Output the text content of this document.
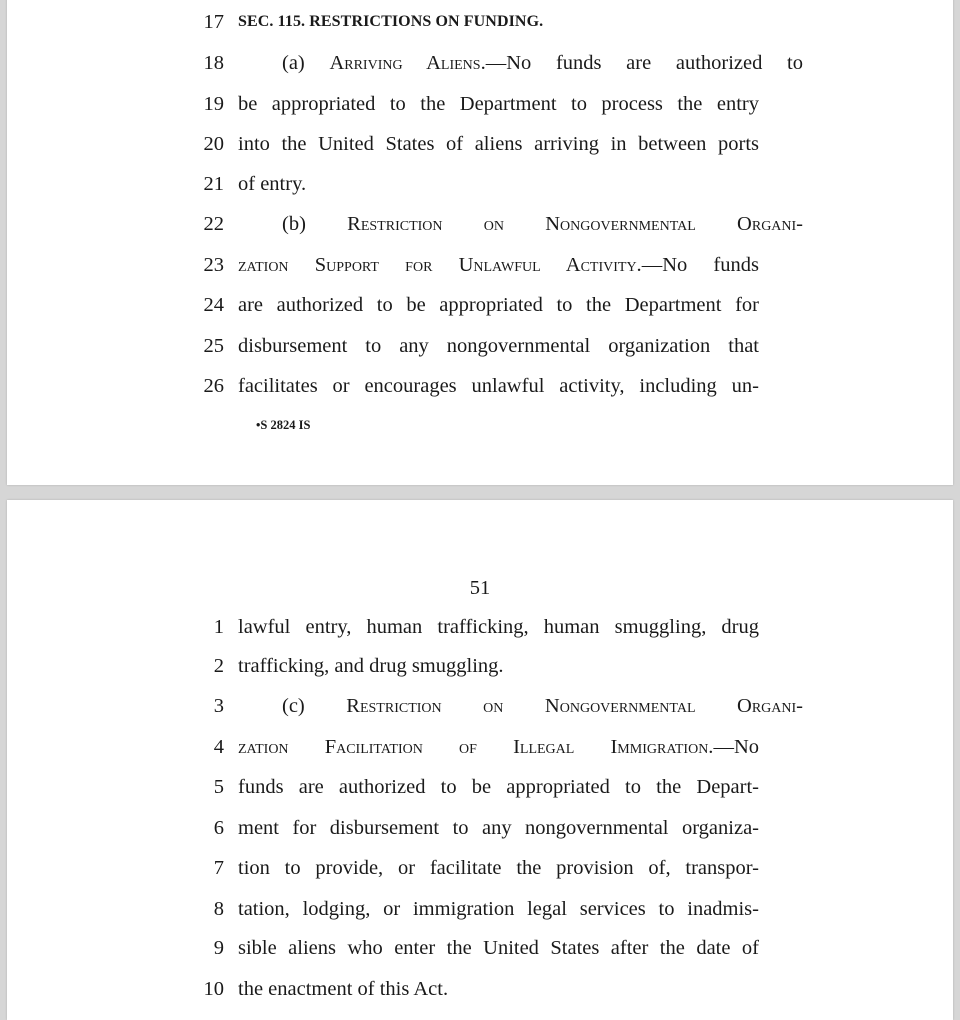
17 SEC. 115. RESTRICTIONS ON FUNDING.
18	(a) Arriving Aliens.—No funds are authorized to
19 be appropriated to the Department to process the entry
20 into the United States of aliens arriving in between ports
21 of entry.
22	(b) Restriction on Nongovernmental Organi-
23 zation Support for Unlawful Activity.—No funds
24 are authorized to be appropriated to the Department for
25 disbursement to any nongovernmental organization that
26 facilitates or encourages unlawful activity, including un-
•S 2824 IS
51
1 lawful entry, human trafficking, human smuggling, drug
2 trafficking, and drug smuggling.
3	(c) Restriction on Nongovernmental Organi-
4 zation Facilitation of Illegal Immigration.—No
5 funds are authorized to be appropriated to the Depart-
6 ment for disbursement to any nongovernmental organiza-
7 tion to provide, or facilitate the provision of, transpor-
8 tation, lodging, or immigration legal services to inadmis-
9 sible aliens who enter the United States after the date of
10 the enactment of this Act.
